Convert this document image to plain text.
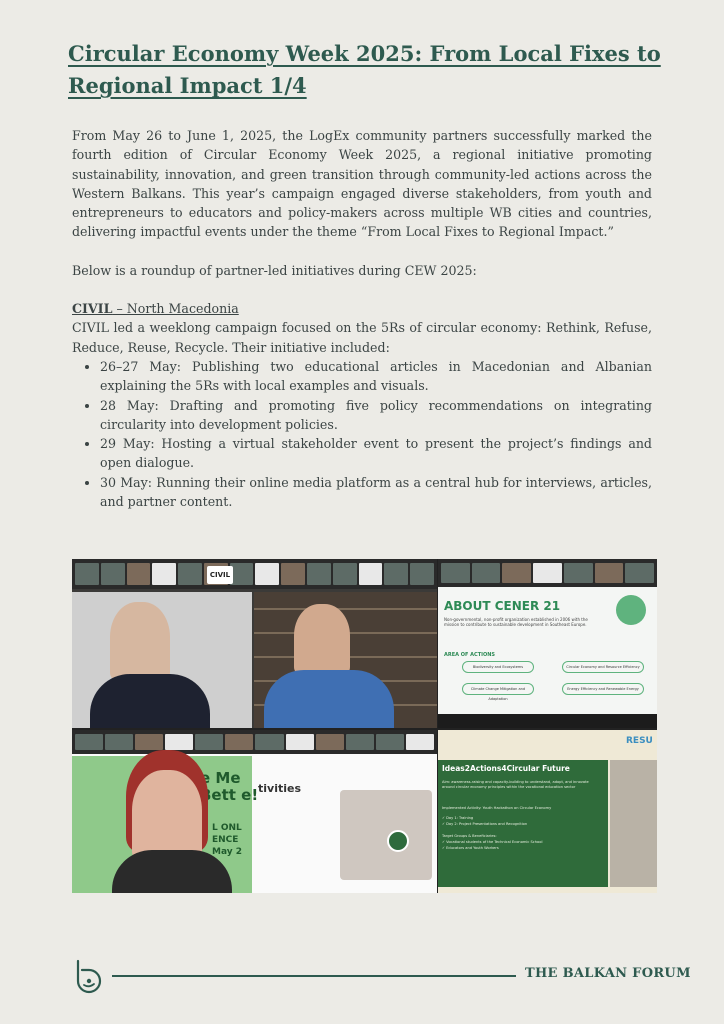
Circular Economy Week 2025: From Local Fixes to Regional Impact 1/4

From May 26 to June 1, 2025, the LogEx community partners successfully marked the fourth edition of Circular Economy Week 2025, a regional initiative promoting sustainability, innovation, and green transition through community-led actions across the Western Balkans. This year’s campaign engaged diverse stakeholders, from youth and entrepreneurs to educators and policy-makers across multiple WB cities and countries, delivering impactful events under the theme “From Local Fixes to Regional Impact.”

Below is a roundup of partner-led initiatives during CEW 2025:

CIVIL – North Macedonia

CIVIL led a weeklong campaign focused on the 5Rs of circular economy: Rethink, Refuse, Reduce, Reuse, Recycle. Their initiative included:

• 26–27 May: Publishing two educational articles in Macedonian and Albanian explaining the 5Rs with local examples and visuals.
• 28 May: Drafting and promoting five policy recommendations on integrating circularity into development policies.
• 29 May: Hosting a virtual stakeholder event to present the project’s findings and open dialogue.
• 30 May: Running their online media platform as a central hub for interviews, articles, and partner content.
CIVIL
ABOUT CENER 21
Non-governmental, non-profit organization established in 2006 with the mission to contribute to sustainable development in Southeast Europe.
AREA OF ACTIONS
Biodiversity and Ecosystems	Circular Economy and Resource Efficiency
Climate Change Mitigation and Adaptation
Energy Efficiency and Renewable Energy
e Me Bett e!
L ONL ENCE May 2
tivities
RESU
Ideas2Actions4Circular Future
Aim: awareness-raising and capacity-building to understand, adopt, and innovate around circular economy principles within the vocational education sector
Implemented Activity: Youth Hackathon on Circular Economy
✓ Day 1: Training
✓ Day 2: Project Presentations and Recognition
Target Groups & Beneficiaries:
✓ Vocational students of the Technical Economic School
✓ Educators and Youth Workers
THE BALKAN FORUM
